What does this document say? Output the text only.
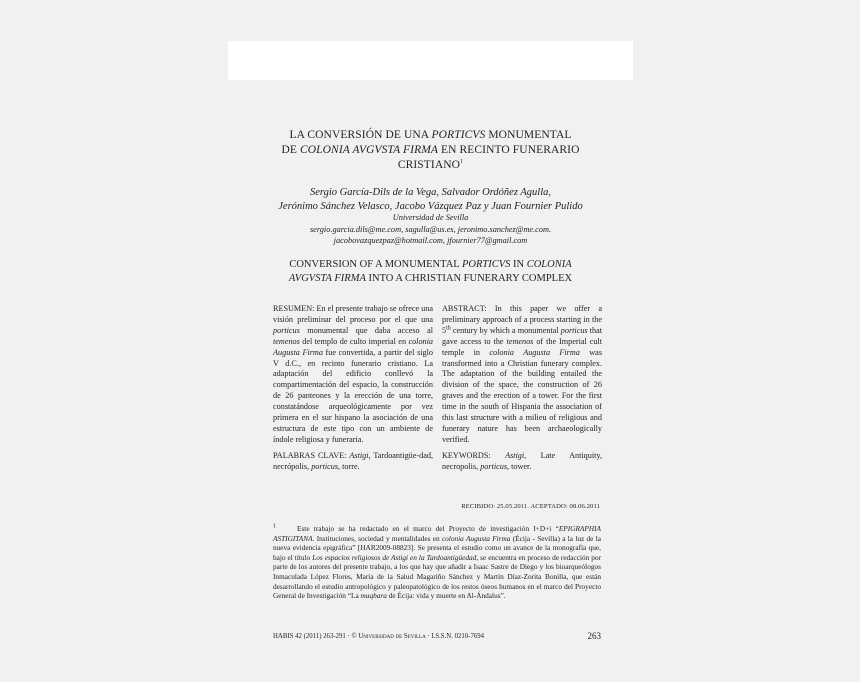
LA CONVERSIÓN DE UNA PORTICVS MONUMENTAL
DE COLONIA AVGVSTA FIRMA EN RECINTO FUNERARIO
CRISTIANO$^1$
Sergio García-Dils de la Vega, Salvador Ordóñez Agulla,
Jerónimo Sánchez Velasco, Jacobo Vázquez Paz y Juan Fournier Pulido
Universidad de Sevilla
sergio.garcia.dils@me.com, sagulla@us.es, jeronimo.sanchez@me.com.
jacobovazquezpaz@hotmail.com, jfournier77@gmail.com
CONVERSION OF A MONUMENTAL PORTICVS IN COLONIA
AVGVSTA FIRMA INTO A CHRISTIAN FUNERARY COMPLEX

RESUMEN: En el presente trabajo se ofrece una visión preliminar del proceso por el que una porticus monumental que daba acceso al temenos del templo de culto imperial en colonia Augusta Firma fue convertida, a partir del siglo V d.C., en recinto funerario cristiano. La adaptación del edificio conllevó la compartimentación del espacio, la construcción de 26 panteones y la erección de una torre, constatándose arqueológicamente por vez primera en el sur hispano la asociación de una estructura de este tipo con un ambiente de índole religiosa y funeraria.

PALABRAS CLAVE: Astigi, Tardoantigüe-dad, necrópolis, porticus, torre.

ABSTRACT: In this paper we offer a preliminary approach of a process starting in the 5th century by which a monumental porticus that gave access to the temenos of the Imperial cult temple in colonia Augusta Firma was transformed into a Christian funerary complex. The adaptation of the building entailed the division of the space, the construction of 26 graves and the erection of a tower. For the first time in the south of Hispania the association of this last structure with a milieu of religious and funerary nature has been archaeologically verified.

KEYWORDS: Astigi, Late Antiquity, necropolis, porticus, tower.

RECIBIDO: 25.05.2011. ACEPTADO: 08.06.2011
$^1$	Este trabajo se ha redactado en el marco del Proyecto de investigación I+D+i “EPIGRAPHIA ASTIGITANA. Instituciones, sociedad y mentalidades en colonia Augusta Firma (Écija - Sevilla) a la luz de la nueva evidencia epigráfica” [HAR2009-08823]. Se presenta el estudio como un avance de la monografía que, bajo el título Los espacios religiosos de Astigi en la Tardoantigüedad, se encuentra en proceso de redacción por parte de los autores del presente trabajo, a los que hay que añadir a Isaac Sastre de Diego y los bioarqueólogos Inmaculada López Flores, María de la Salud Magariño Sánchez y Martín Díaz-Zorita Bonilla, que están desarrollando el estudio antropológico y paleopatológico de los restos óseos humanos en el marco del Proyecto General de Investigación “La maqbara de Écija: vida y muerte en Al-Ándalus”.
HABIS 42 (2011) 263-291 · © Universidad de Sevilla · I.S.S.N. 0210-7694	263
